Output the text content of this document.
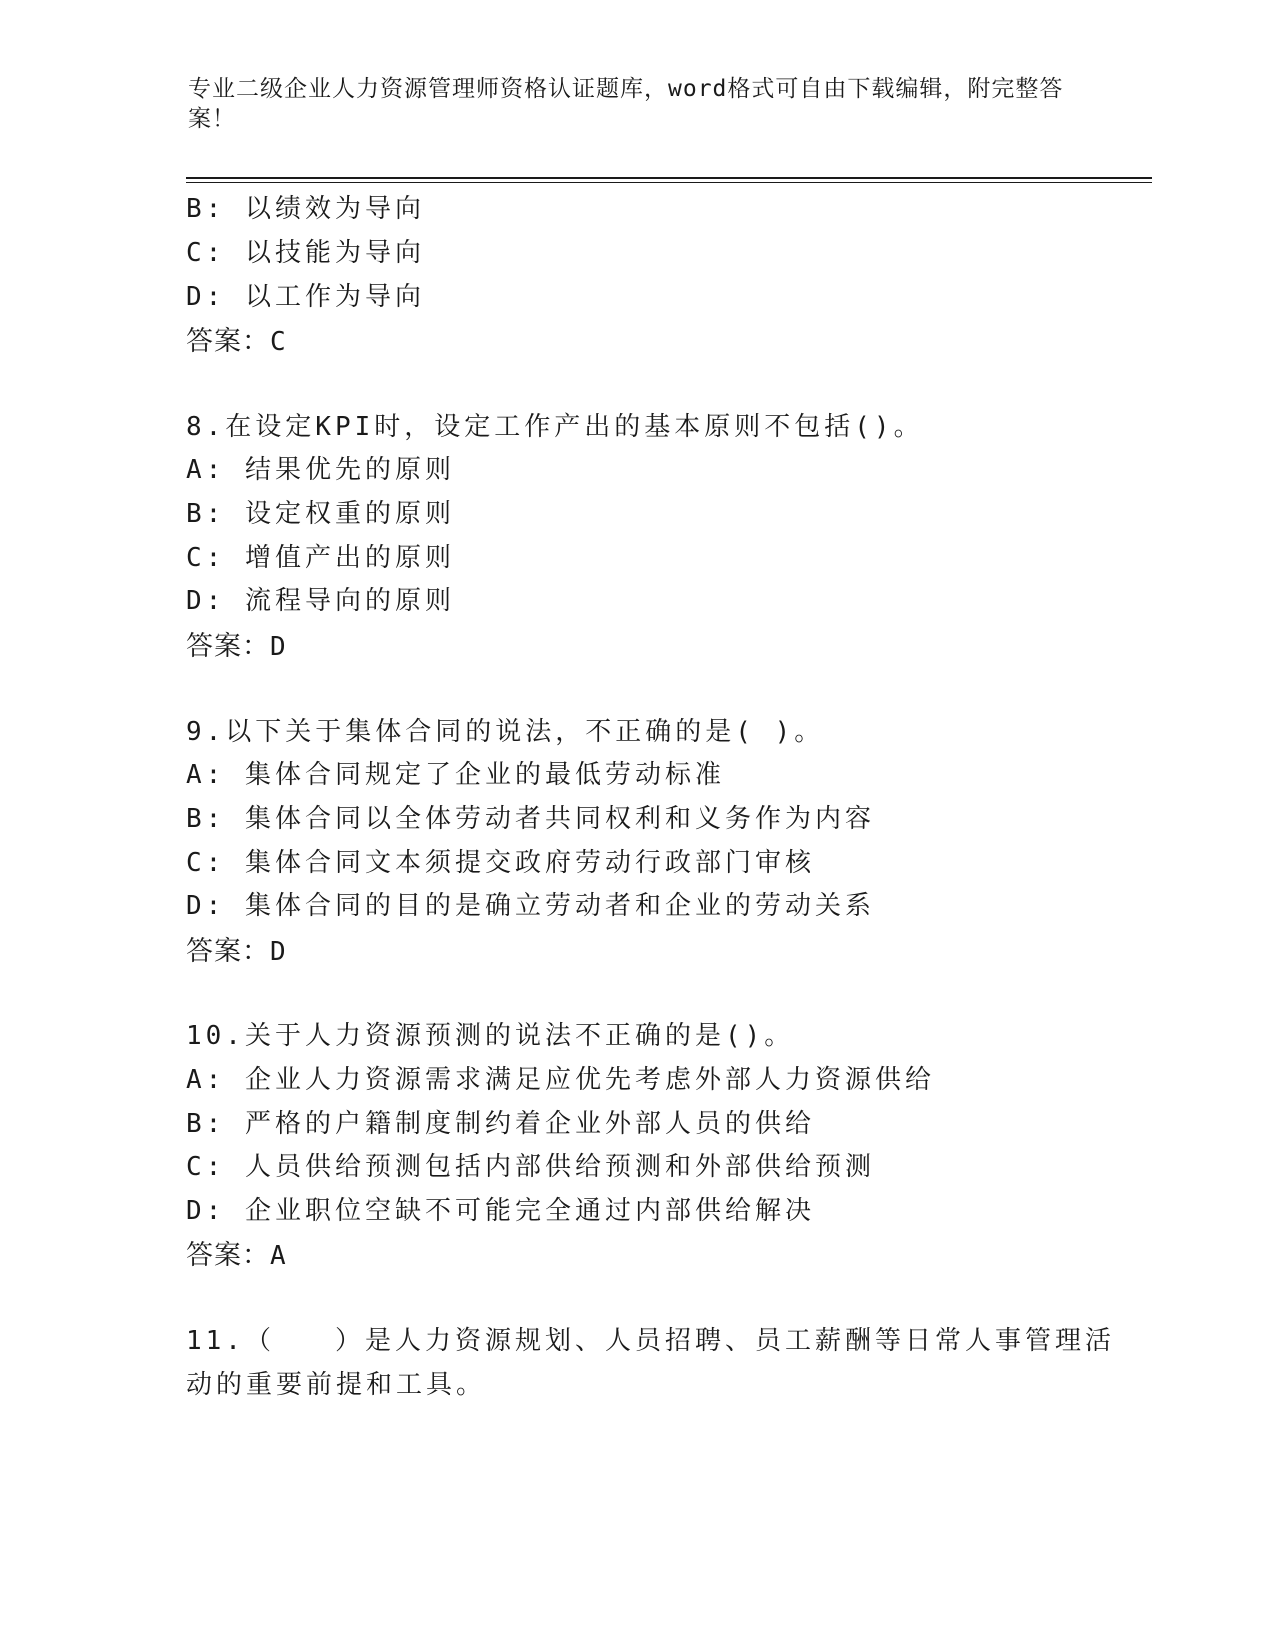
专业二级企业人力资源管理师资格认证题库，word格式可自由下载编辑，附完整答案！
B: 以绩效为导向
C: 以技能为导向
D: 以工作为导向
答案：C
8.在设定KPI时，设定工作产出的基本原则不包括()。
A: 结果优先的原则
B: 设定权重的原则
C: 增值产出的原则
D: 流程导向的原则
答案：D
9.以下关于集体合同的说法，不正确的是( )。
A: 集体合同规定了企业的最低劳动标准
B: 集体合同以全体劳动者共同权利和义务作为内容
C: 集体合同文本须提交政府劳动行政部门审核
D: 集体合同的目的是确立劳动者和企业的劳动关系
答案：D
10.关于人力资源预测的说法不正确的是()。
A: 企业人力资源需求满足应优先考虑外部人力资源供给
B: 严格的户籍制度制约着企业外部人员的供给
C: 人员供给预测包括内部供给预测和外部供给预测
D: 企业职位空缺不可能完全通过内部供给解决
答案：A
11.（　　）是人力资源规划、人员招聘、员工薪酬等日常人事管理活
动的重要前提和工具。
